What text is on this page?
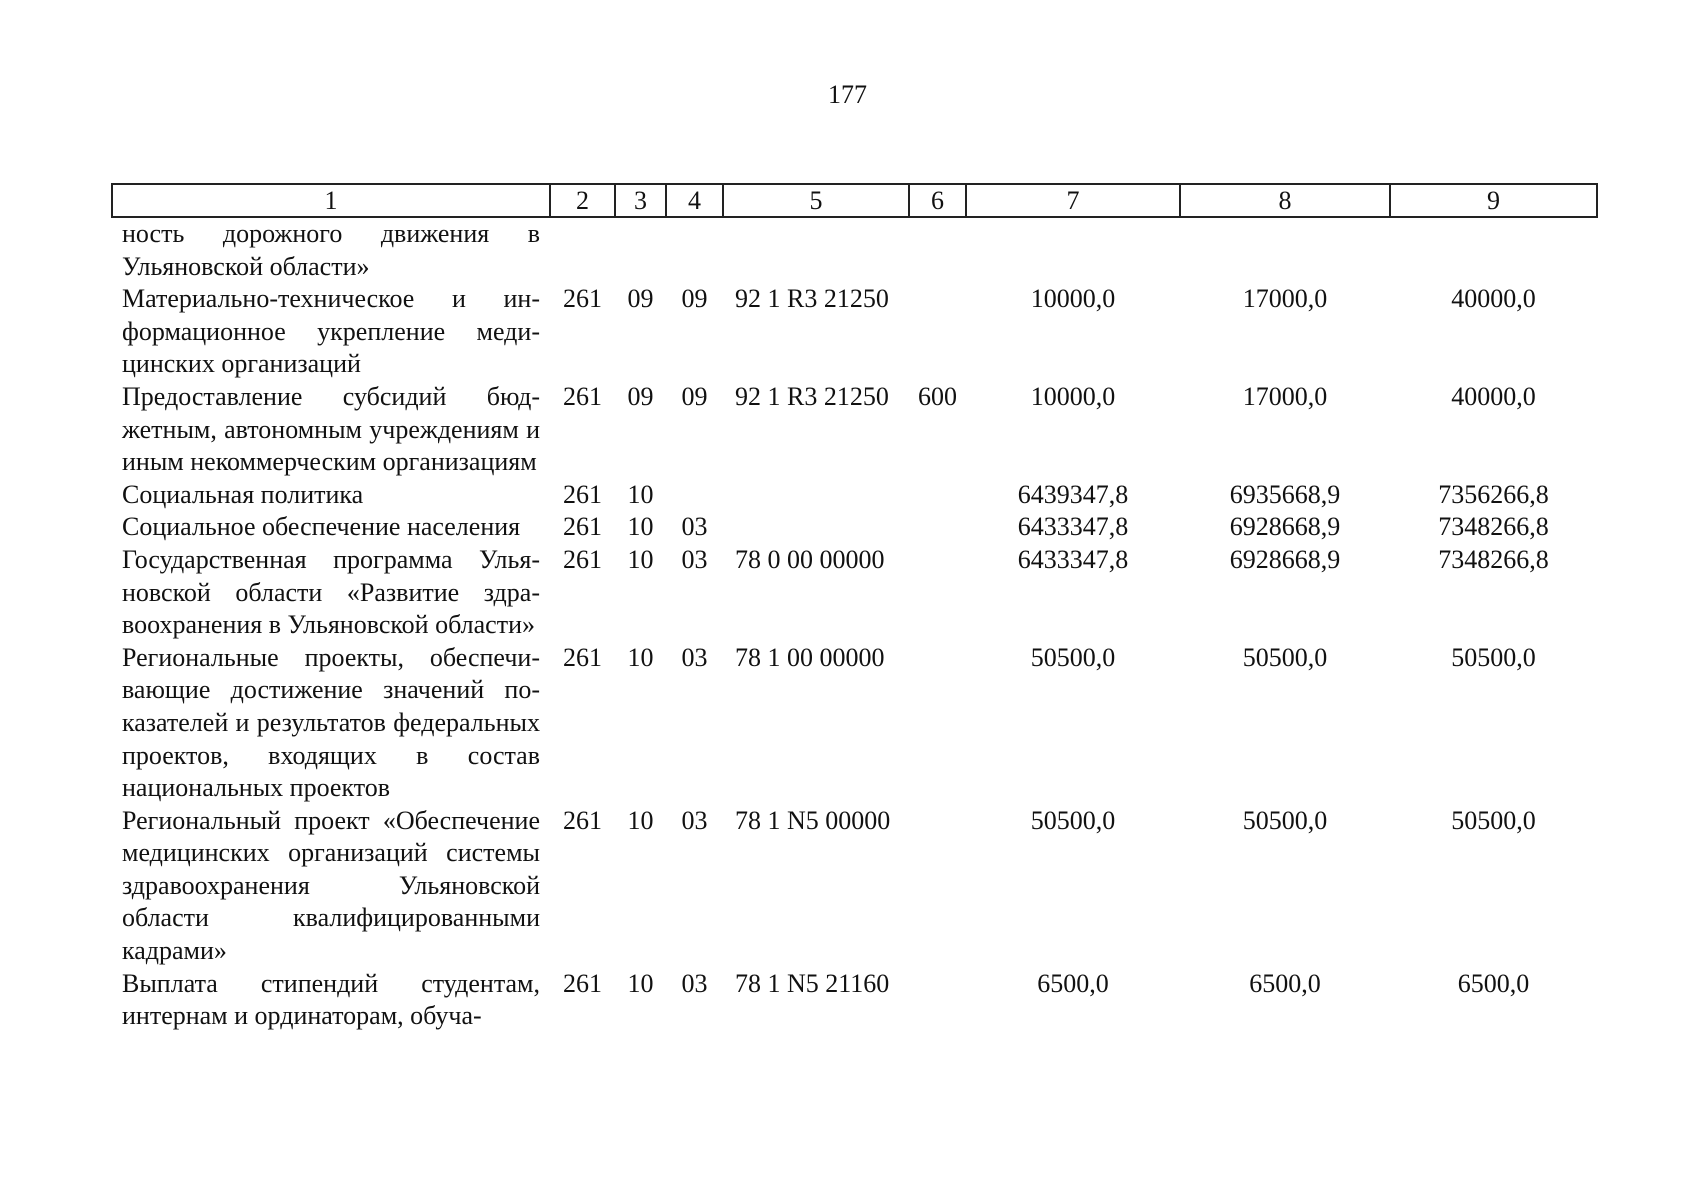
177
1	2	3	4	5	6	7	8	9
ность дорожного движения в Ульяновской области»								
Материально-техническое и информационное укрепление медицинских организаций	261	09	09	92 1 R3 21250		10000,0	17000,0	40000,0
Предоставление субсидий бюджетным, автономным учреждениям и иным некоммерческим организациям	261	09	09	92 1 R3 21250	600	10000,0	17000,0	40000,0
Социальная политика	261	10				6439347,8	6935668,9	7356266,8
Социальное обеспечение населения	261	10	03			6433347,8	6928668,9	7348266,8
Государственная программа Ульяновской области «Развитие здравоохранения в Ульяновской области»	261	10	03	78 0 00 00000		6433347,8	6928668,9	7348266,8
Региональные проекты, обеспечивающие достижение значений показателей и результатов федеральных проектов, входящих в состав национальных проектов	261	10	03	78 1 00 00000		50500,0	50500,0	50500,0
Региональный проект «Обеспечение медицинских организаций системы здравоохранения Ульяновской области квалифицированными кадрами»	261	10	03	78 1 N5 00000		50500,0	50500,0	50500,0
Выплата стипендий студентам, интернам и ординаторам, обуча-	261	10	03	78 1 N5 21160		6500,0	6500,0	6500,0
